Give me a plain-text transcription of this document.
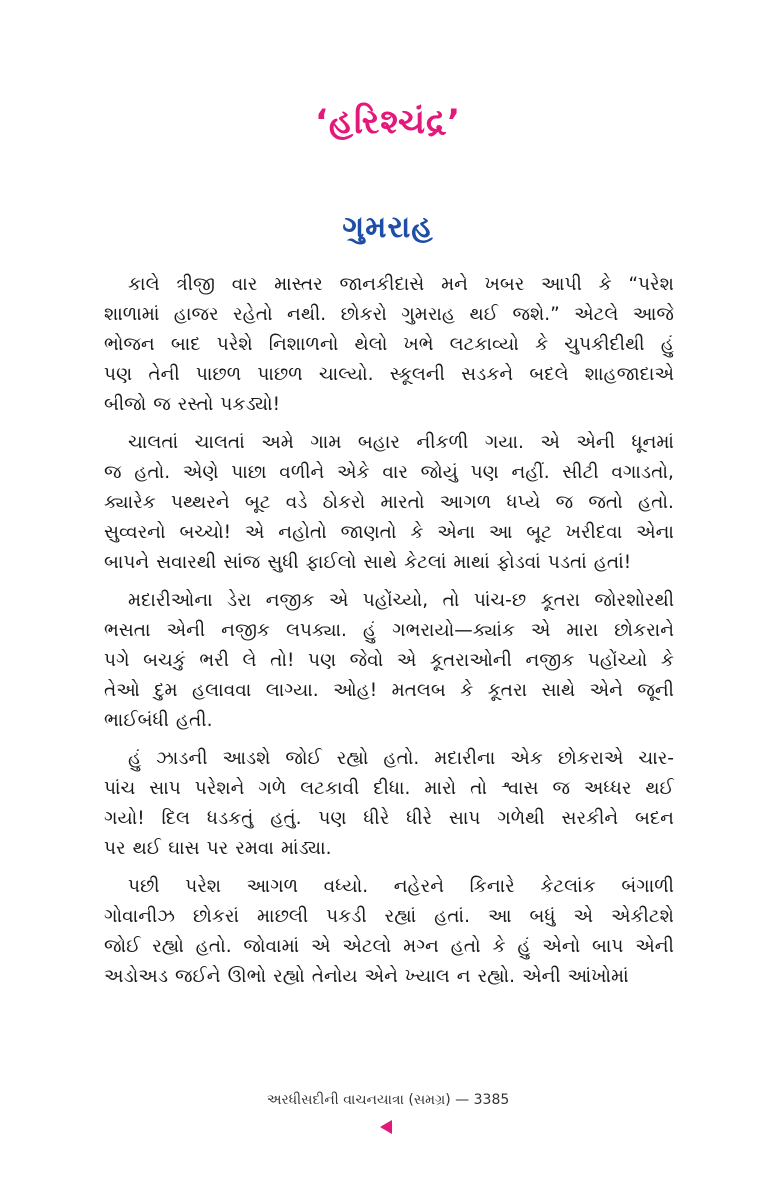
‘હરિશ્ચંદ્ર’
ગુમરાહ
કાલે ત્રીજી વાર માસ્તર જાનકીદાસે મને ખબર આપી કે “પરેશ
શાળામાં હાજર રહેતો નથી. છોકરો ગુમરાહ થઈ જશે.” એટલે આજે
ભોજન બાદ પરેશે નિશાળનો થેલો ખભે લટકાવ્યો કે ચુપકીદીથી હું
પણ તેની પાછળ પાછળ ચાલ્યો. સ્કૂલની સડકને બદલે શાહજાદાએ
બીજો જ રસ્તો પકડ્યો!
ચાલતાં ચાલતાં અમે ગામ બહાર નીકળી ગયા. એ એની ધૂનમાં
જ હતો. એણે પાછા વળીને એકે વાર જોયું પણ નહીં. સીટી વગાડતો,
ક્યારેક પથ્થરને બૂટ વડે ઠોકરો મારતો આગળ ધપ્યે જ જતો હતો.
સુવ્વરનો બચ્ચો! એ નહોતો જાણતો કે એના આ બૂટ ખરીદવા એના
બાપને સવારથી સાંજ સુધી ફાઈલો સાથે કેટલાં માથાં ફોડવાં પડતાં હતાં!
મદારીઓના ડેરા નજીક એ પહોંચ્યો, તો પાંચ-છ કૂતરા જોરશોરથી
ભસતા એની નજીક લપક્યા. હું ગભરાયો—ક્યાંક એ મારા છોકરાને
પગે બચકું ભરી લે તો! પણ જેવો એ કૂતરાઓની નજીક પહોંચ્યો કે
તેઓ દુમ હલાવવા લાગ્યા. ઓહ! મતલબ કે કૂતરા સાથે એને જૂની
ભાઈબંધી હતી.
હું ઝાડની આડશે જોઈ રહ્યો હતો. મદારીના એક છોકરાએ ચાર-
પાંચ સાપ પરેશને ગળે લટકાવી દીધા. મારો તો શ્વાસ જ અધ્ધર થઈ
ગયો! દિલ ધડકતું હતું. પણ ધીરે ધીરે સાપ ગળેથી સરકીને બદન
પર થઈ ઘાસ પર રમવા માંડ્યા.
પછી પરેશ આગળ વધ્યો. નહેરને કિનારે કેટલાંક બંગાળી
ગોવાનીઝ છોકરાં માછલી પકડી રહ્યાં હતાં. આ બધું એ એકીટશે
જોઈ રહ્યો હતો. જોવામાં એ એટલો મગ્ન હતો કે હું એનો બાપ એની
અડોઅડ જઈને ઊભો રહ્યો તેનોય એને ખ્યાલ ન રહ્યો. એની આંખોમાં
અરધીસદીની વાચનયાત્રા (સમગ્ર) — 3385
